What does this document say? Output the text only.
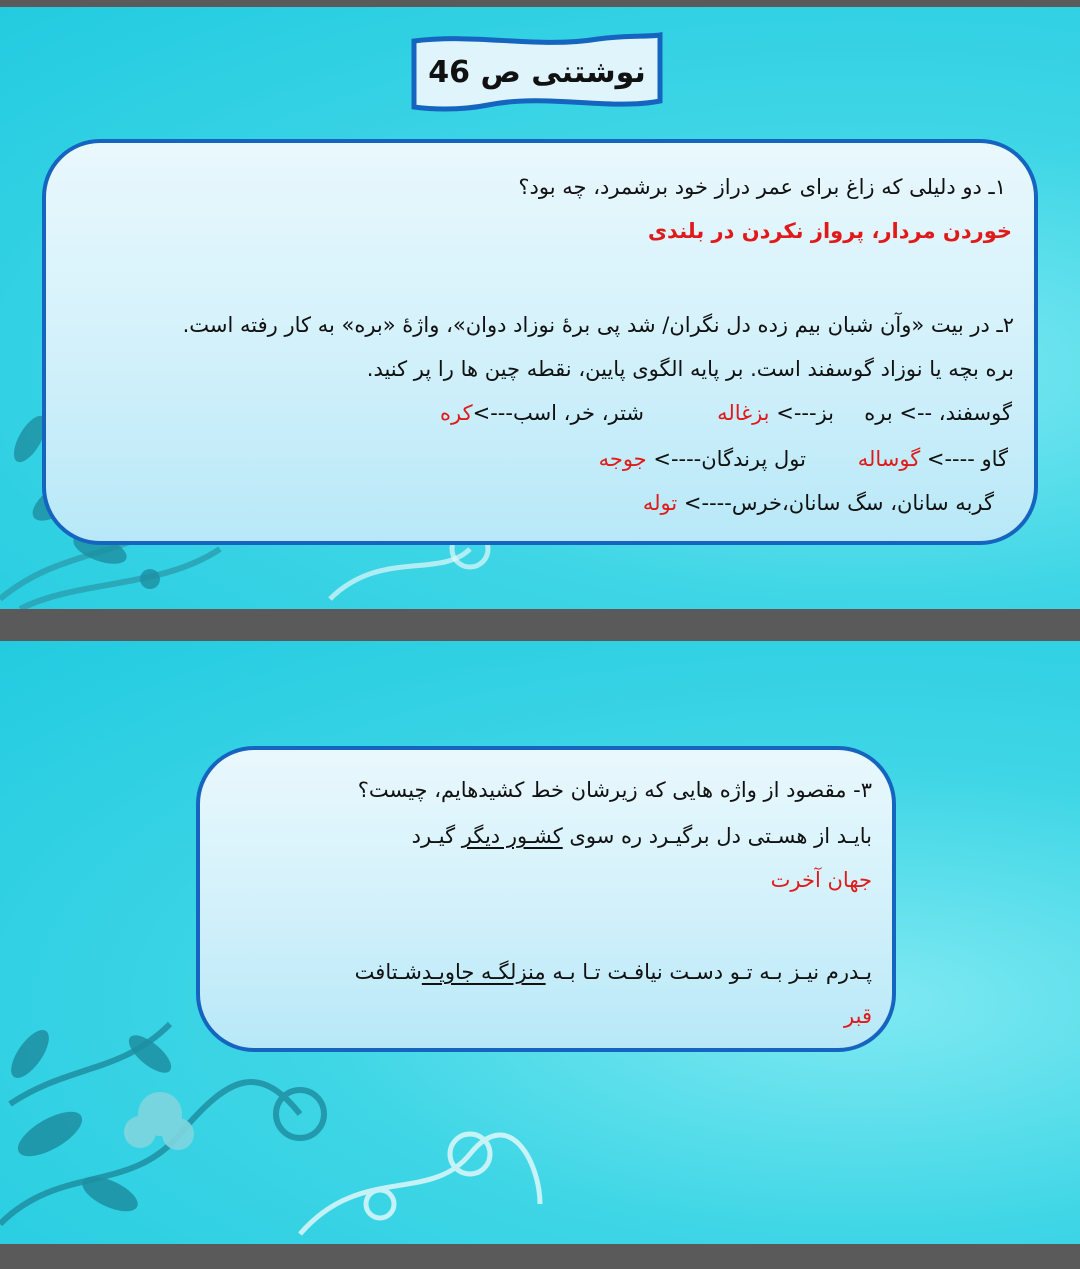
نوشتنی ص 46
۱ـ دو دلیلی که زاغ برای عمر دراز خود برشمرد، چه بود؟
خوردن مردار، پرواز نکردن در بلندی
۲ـ در بیت «وآن شبان بیم زده دل نگران/ شد پی برهٔ نوزاد دوان»، واژهٔ «بره» به کار رفته است.
بره بچه یا نوزاد گوسفند است. بر پایه الگوی پایین، نقطه چین ها را پر کنید.
گوسفند، --> بره
بز---> بزغاله
شتر، خر، اسب--->کره
گاو ----> گوساله
تول پرندگان----> جوجه
گربه سانان، سگ سانان،خرس----> توله
۳- مقصود از واژه هایی که زیرشان خط کشیدهایم، چیست؟
بایـد از هسـتی دل برگیـرد ره سوی کشـور دیگر گیـرد
جهان آخرت
پـدرم نیـز بـه تـو دسـت نیافـت تـا بـه منزلگـه جاویـدشـتافت
قبر
